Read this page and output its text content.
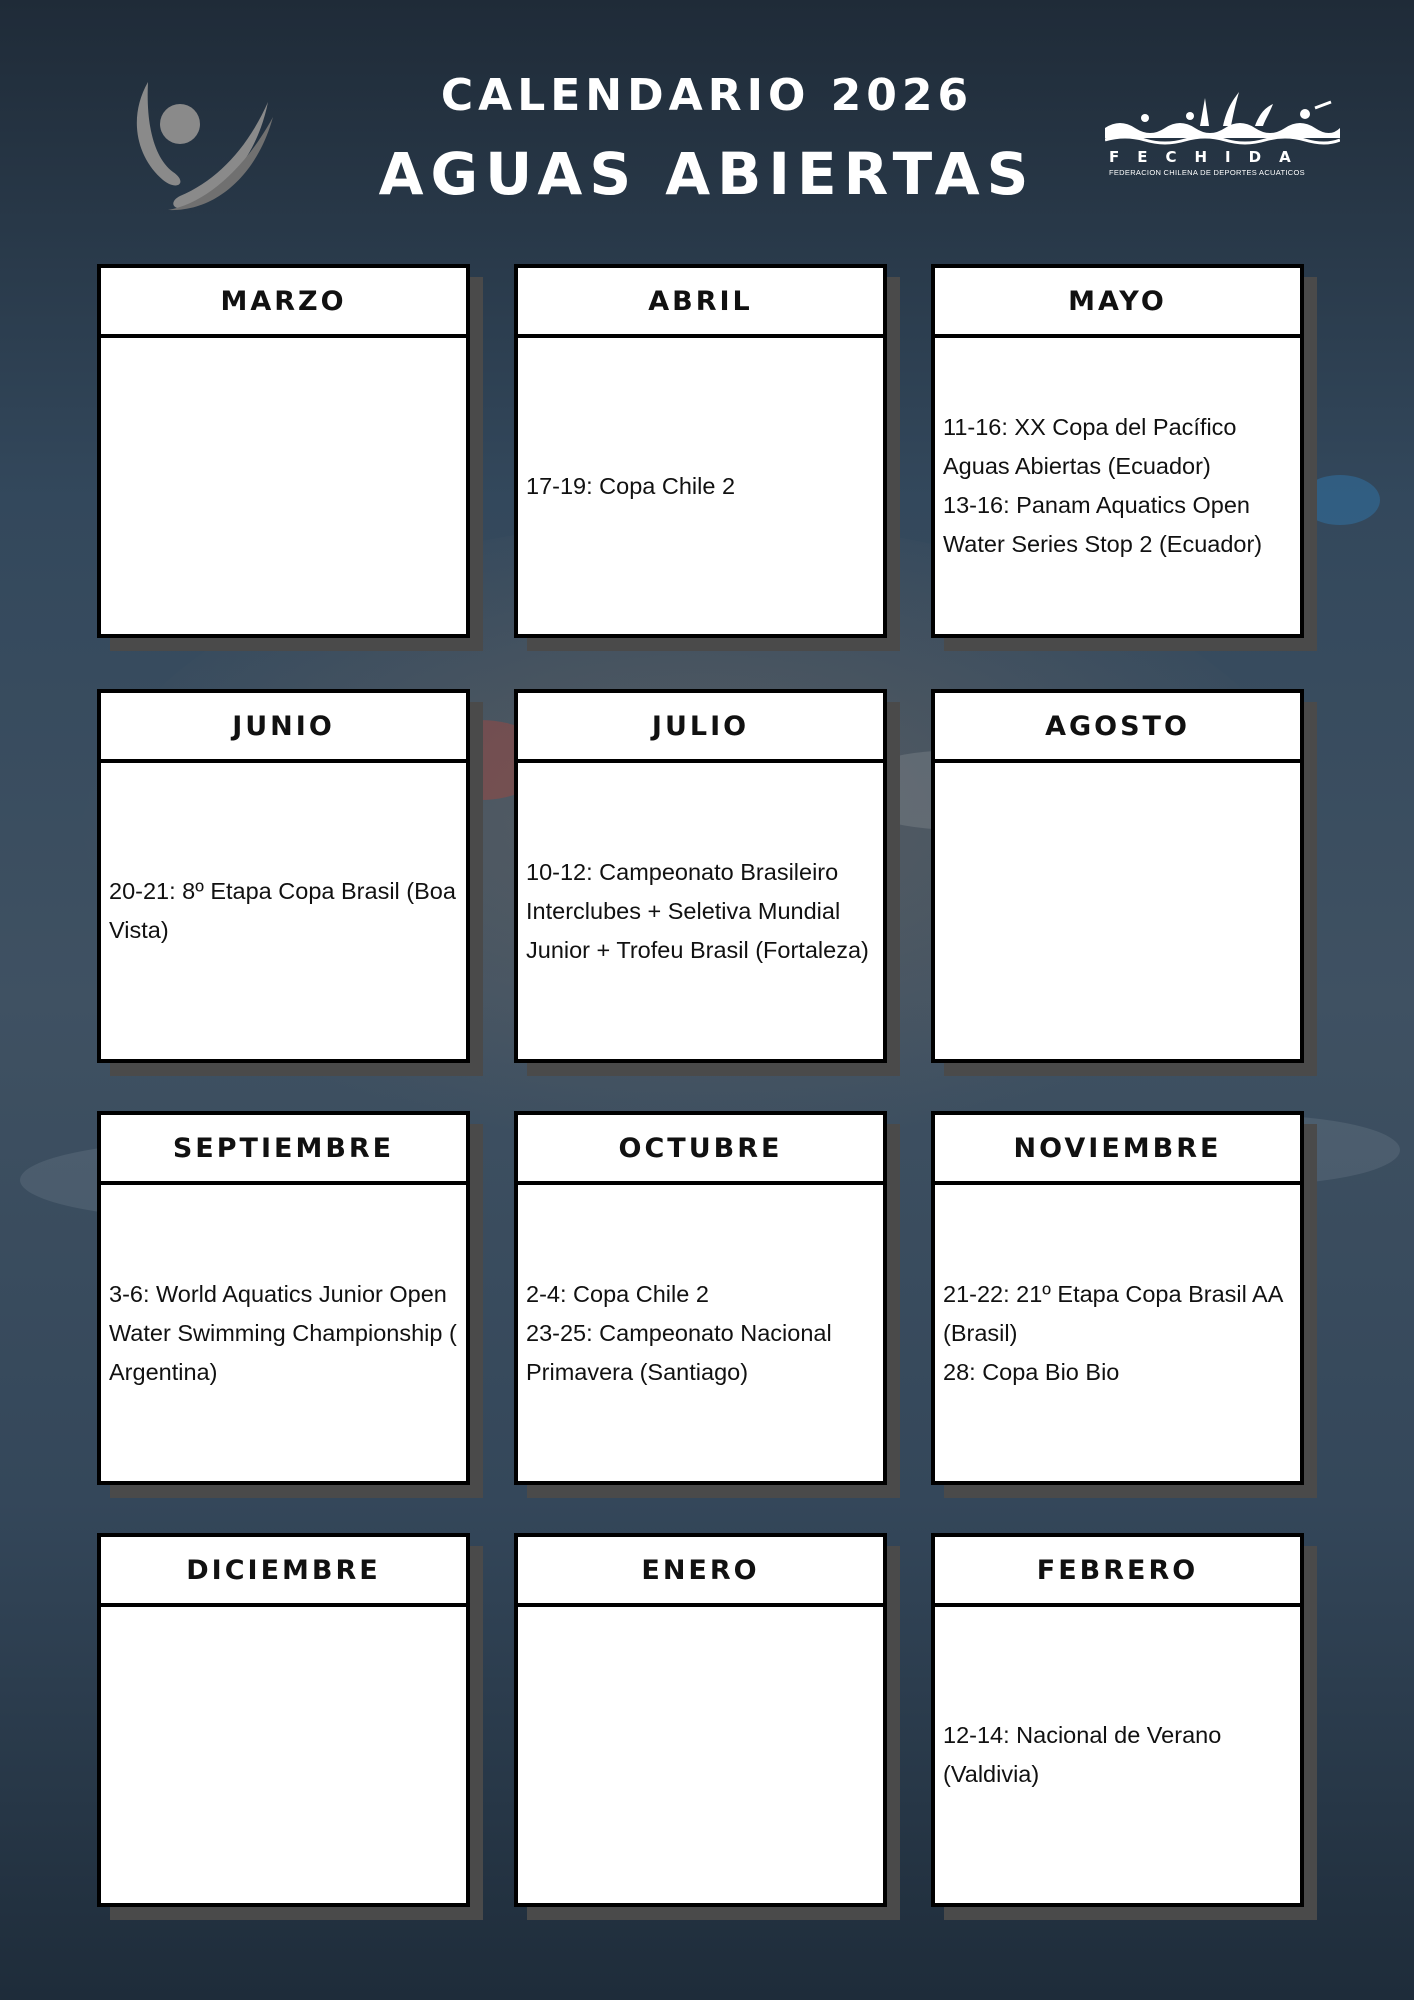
CALENDARIO 2026
AGUAS ABIERTAS	FECHIDA
FEDERACION CHILENA DE DEPORTES ACUATICOS
MARZO	ABRIL
17-19: Copa Chile 2
MAYO
11-16: XX Copa del Pacífico Aguas Abiertas (Ecuador)
13-16: Panam Aquatics Open Water Series Stop 2 (Ecuador)
JUNIO
20-21: 8º Etapa Copa Brasil (Boa Vista)
JULIO
10-12: Campeonato Brasileiro Interclubes + Seletiva Mundial Junior + Trofeu Brasil (Fortaleza)
AGOSTO
SEPTIEMBRE
3-6: World Aquatics Junior Open Water Swimming Championship ( Argentina)
OCTUBRE
2-4: Copa Chile 2
23-25: Campeonato Nacional Primavera (Santiago)
NOVIEMBRE
21-22: 21º Etapa Copa Brasil AA (Brasil)
28: Copa Bio Bio
DICIEMBRE	ENERO	FEBRERO
12-14: Nacional de Verano (Valdivia)
